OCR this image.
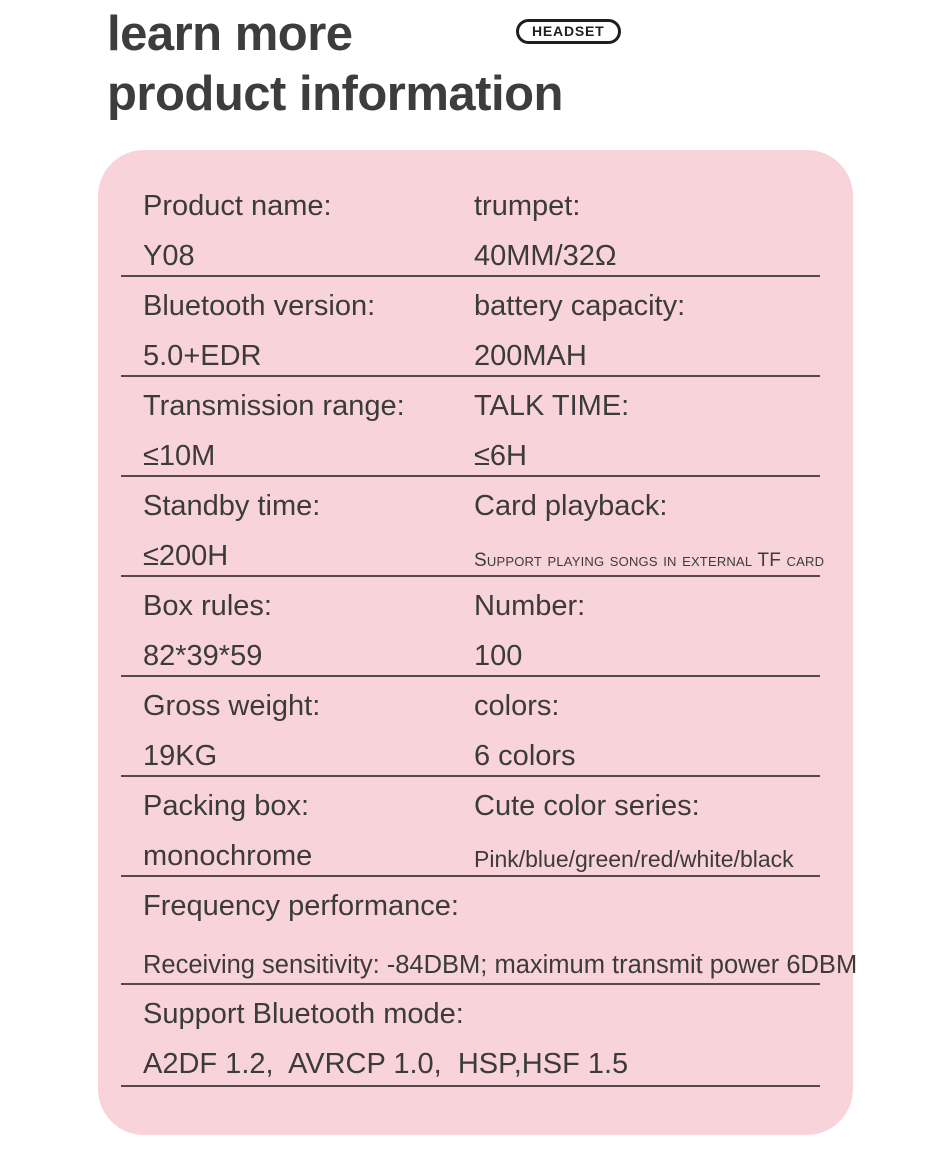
learn more
product information
HEADSET
Product name:
Y08
trumpet:
40MM/32Ω
Bluetooth version:
5.0+EDR
battery capacity:
200MAH
Transmission range:
≤10M
TALK TIME:
≤6H
Standby time:
≤200H
Card playback:
Support playing songs in external TF card
Box rules:
82*39*59
Number:
100
Gross weight:
19KG
colors:
6 colors
Packing box:
monochrome
Cute color series:
Pink/blue/green/red/white/black
Frequency performance:
Receiving sensitivity: -84DBM; maximum transmit power 6DBM
Support Bluetooth mode:
A2DF 1.2,  AVRCP 1.0,  HSP,HSF 1.5
